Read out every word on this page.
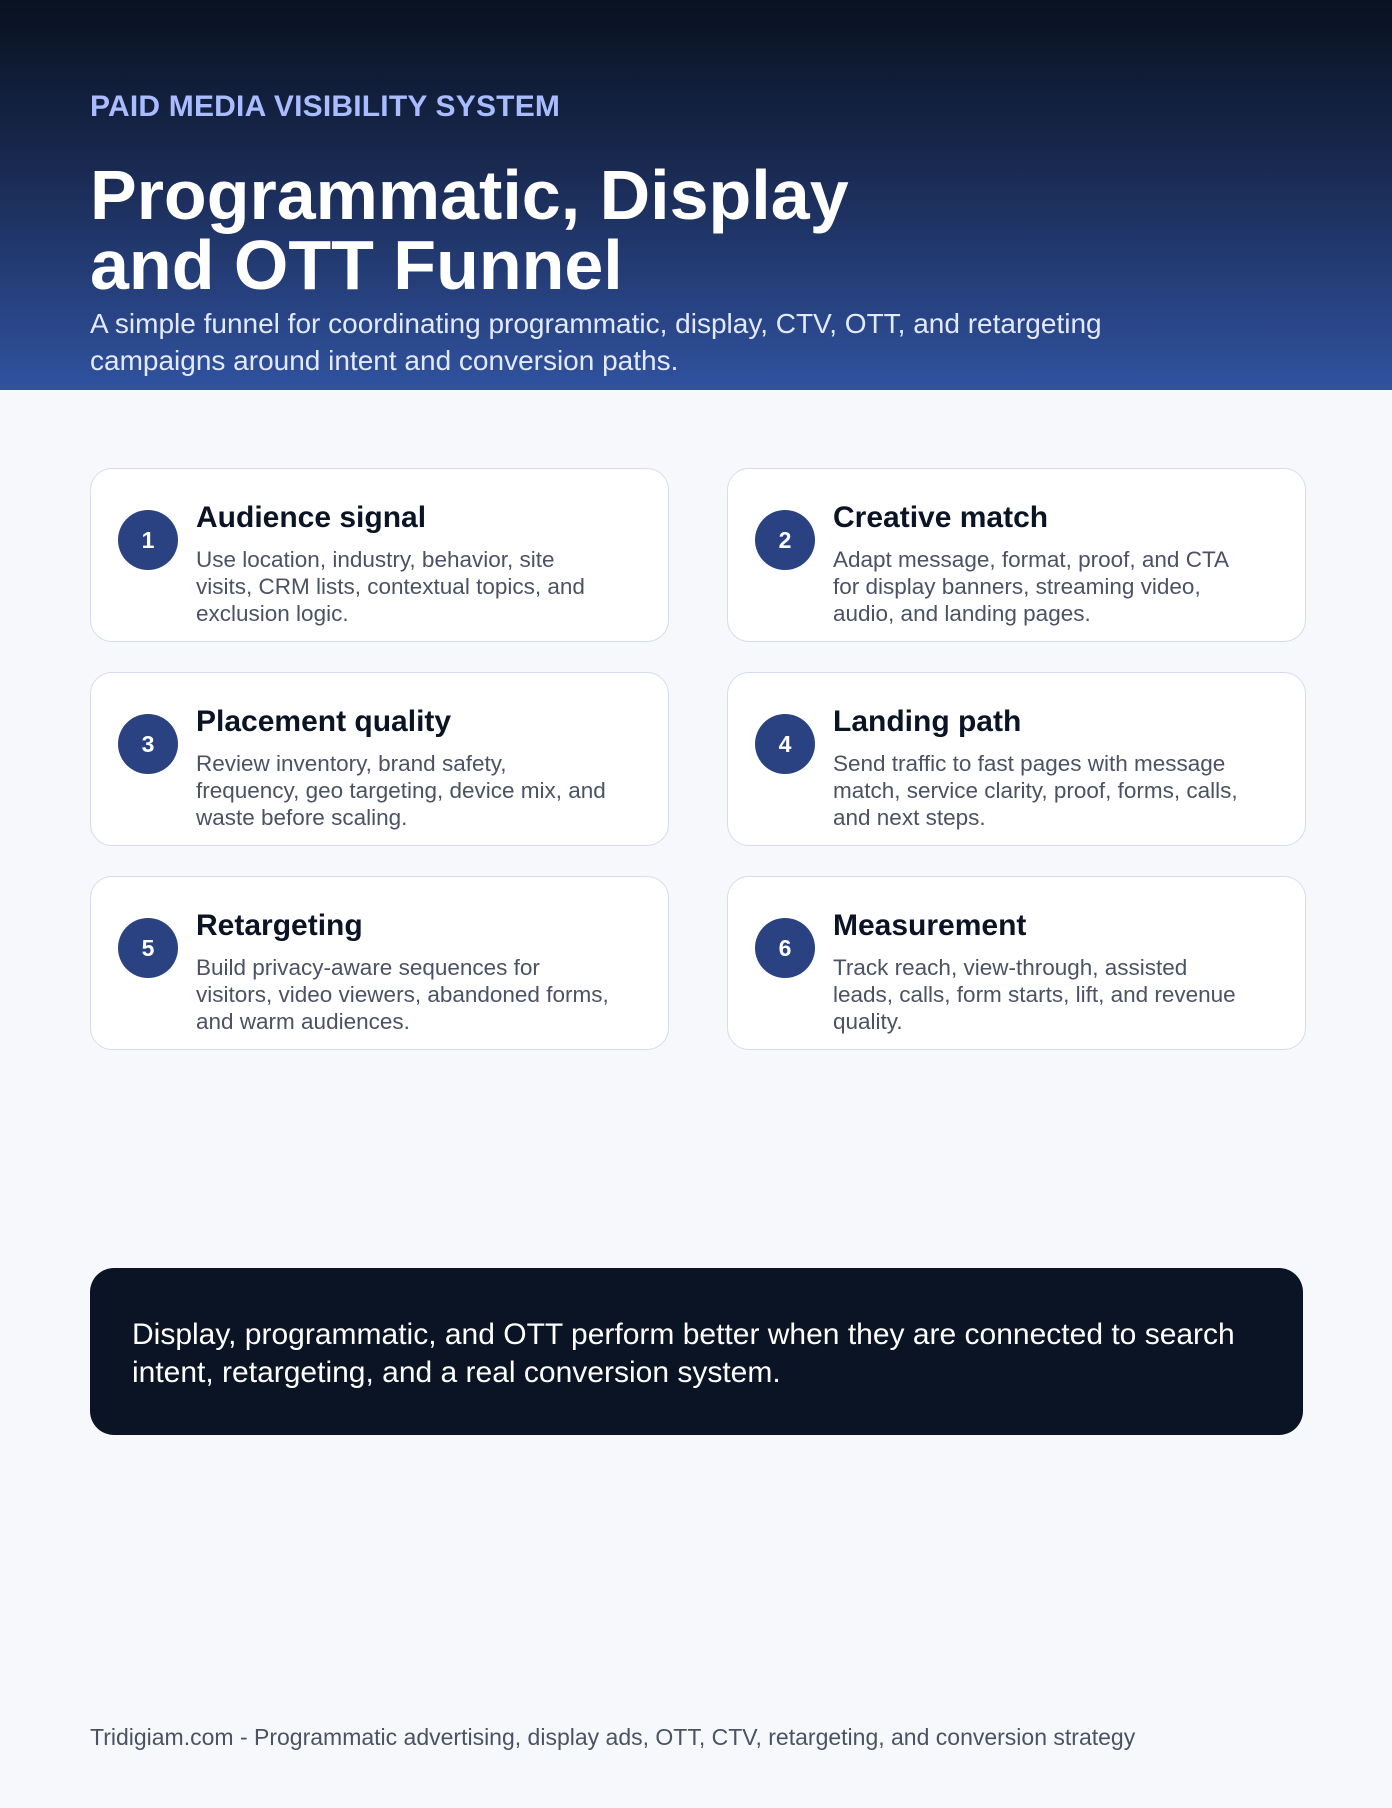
PAID MEDIA VISIBILITY SYSTEM
Programmatic, Display and OTT Funnel
A simple funnel for coordinating programmatic, display, CTV, OTT, and retargeting campaigns around intent and conversion paths.
1
Audience signal
Use location, industry, behavior, site visits, CRM lists, contextual topics, and exclusion logic.
2
Creative match
Adapt message, format, proof, and CTA for display banners, streaming video, audio, and landing pages.
3
Placement quality
Review inventory, brand safety, frequency, geo targeting, device mix, and waste before scaling.
4
Landing path
Send traffic to fast pages with message match, service clarity, proof, forms, calls, and next steps.
5
Retargeting
Build privacy-aware sequences for visitors, video viewers, abandoned forms, and warm audiences.
6
Measurement
Track reach, view-through, assisted leads, calls, form starts, lift, and revenue quality.
Display, programmatic, and OTT perform better when they are connected to search intent, retargeting, and a real conversion system.
Tridigiam.com - Programmatic advertising, display ads, OTT, CTV, retargeting, and conversion strategy
